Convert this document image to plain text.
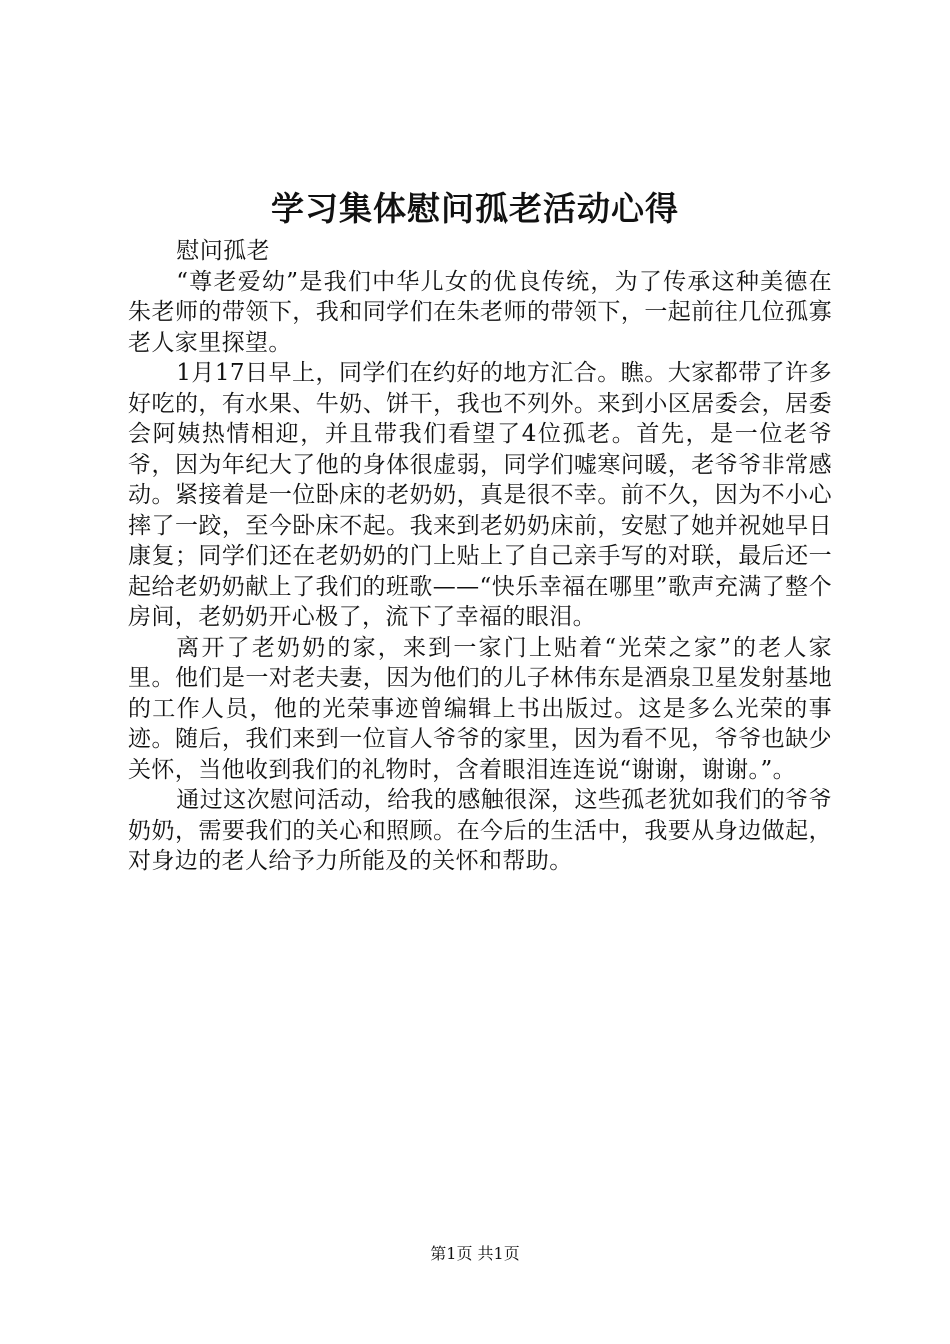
学习集体慰问孤老活动心得

慰问孤老

“尊老爱幼”是我们中华儿女的优良传统，为了传承这种美德在朱老师的带领下，我和同学们在朱老师的带领下，一起前往几位孤寡老人家里探望。

1月17日早上，同学们在约好的地方汇合。瞧。大家都带了许多好吃的，有水果、牛奶、饼干，我也不列外。来到小区居委会，居委会阿姨热情相迎，并且带我们看望了4位孤老。首先，是一位老爷爷，因为年纪大了他的身体很虚弱，同学们嘘寒问暖，老爷爷非常感动。紧接着是一位卧床的老奶奶，真是很不幸。前不久，因为不小心摔了一跤，至今卧床不起。我来到老奶奶床前，安慰了她并祝她早日康复；同学们还在老奶奶的门上贴上了自己亲手写的对联，最后还一起给老奶奶献上了我们的班歌——“快乐幸福在哪里”歌声充满了整个房间，老奶奶开心极了，流下了幸福的眼泪。

离开了老奶奶的家，来到一家门上贴着“光荣之家”的老人家里。他们是一对老夫妻，因为他们的儿子林伟东是酒泉卫星发射基地的工作人员，他的光荣事迹曾编辑上书出版过。这是多么光荣的事迹。随后，我们来到一位盲人爷爷的家里，因为看不见，爷爷也缺少关怀，当他收到我们的礼物时，含着眼泪连连说“谢谢，谢谢。”。

通过这次慰问活动，给我的感触很深，这些孤老犹如我们的爷爷奶奶，需要我们的关心和照顾。在今后的生活中，我要从身边做起，对身边的老人给予力所能及的关怀和帮助。

第1页 共1页
